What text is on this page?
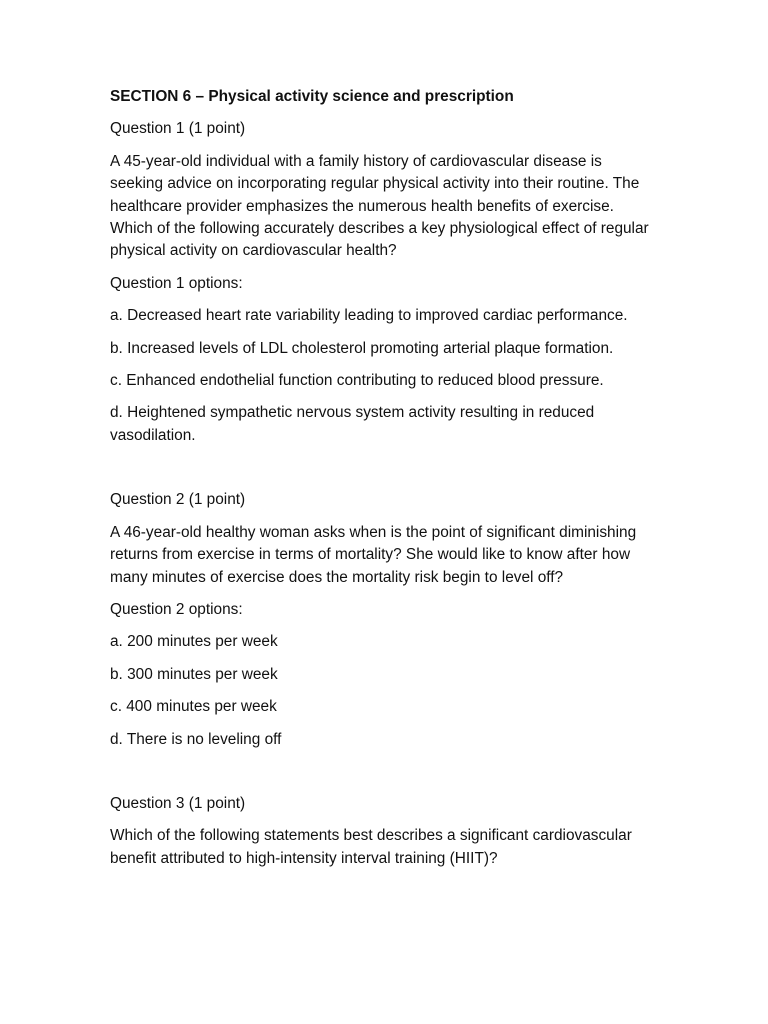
SECTION 6 – Physical activity science and prescription

Question 1 (1 point)

A 45-year-old individual with a family history of cardiovascular disease is seeking advice on incorporating regular physical activity into their routine. The healthcare provider emphasizes the numerous health benefits of exercise. Which of the following accurately describes a key physiological effect of regular physical activity on cardiovascular health?

Question 1 options:

a. Decreased heart rate variability leading to improved cardiac performance.

b. Increased levels of LDL cholesterol promoting arterial plaque formation.

c. Enhanced endothelial function contributing to reduced blood pressure.

d. Heightened sympathetic nervous system activity resulting in reduced vasodilation.

Question 2 (1 point)

A 46-year-old healthy woman asks when is the point of significant diminishing returns from exercise in terms of mortality? She would like to know after how many minutes of exercise does the mortality risk begin to level off?

Question 2 options:

a. 200 minutes per week

b. 300 minutes per week

c. 400 minutes per week

d. There is no leveling off

Question 3 (1 point)

Which of the following statements best describes a significant cardiovascular benefit attributed to high-intensity interval training (HIIT)?
